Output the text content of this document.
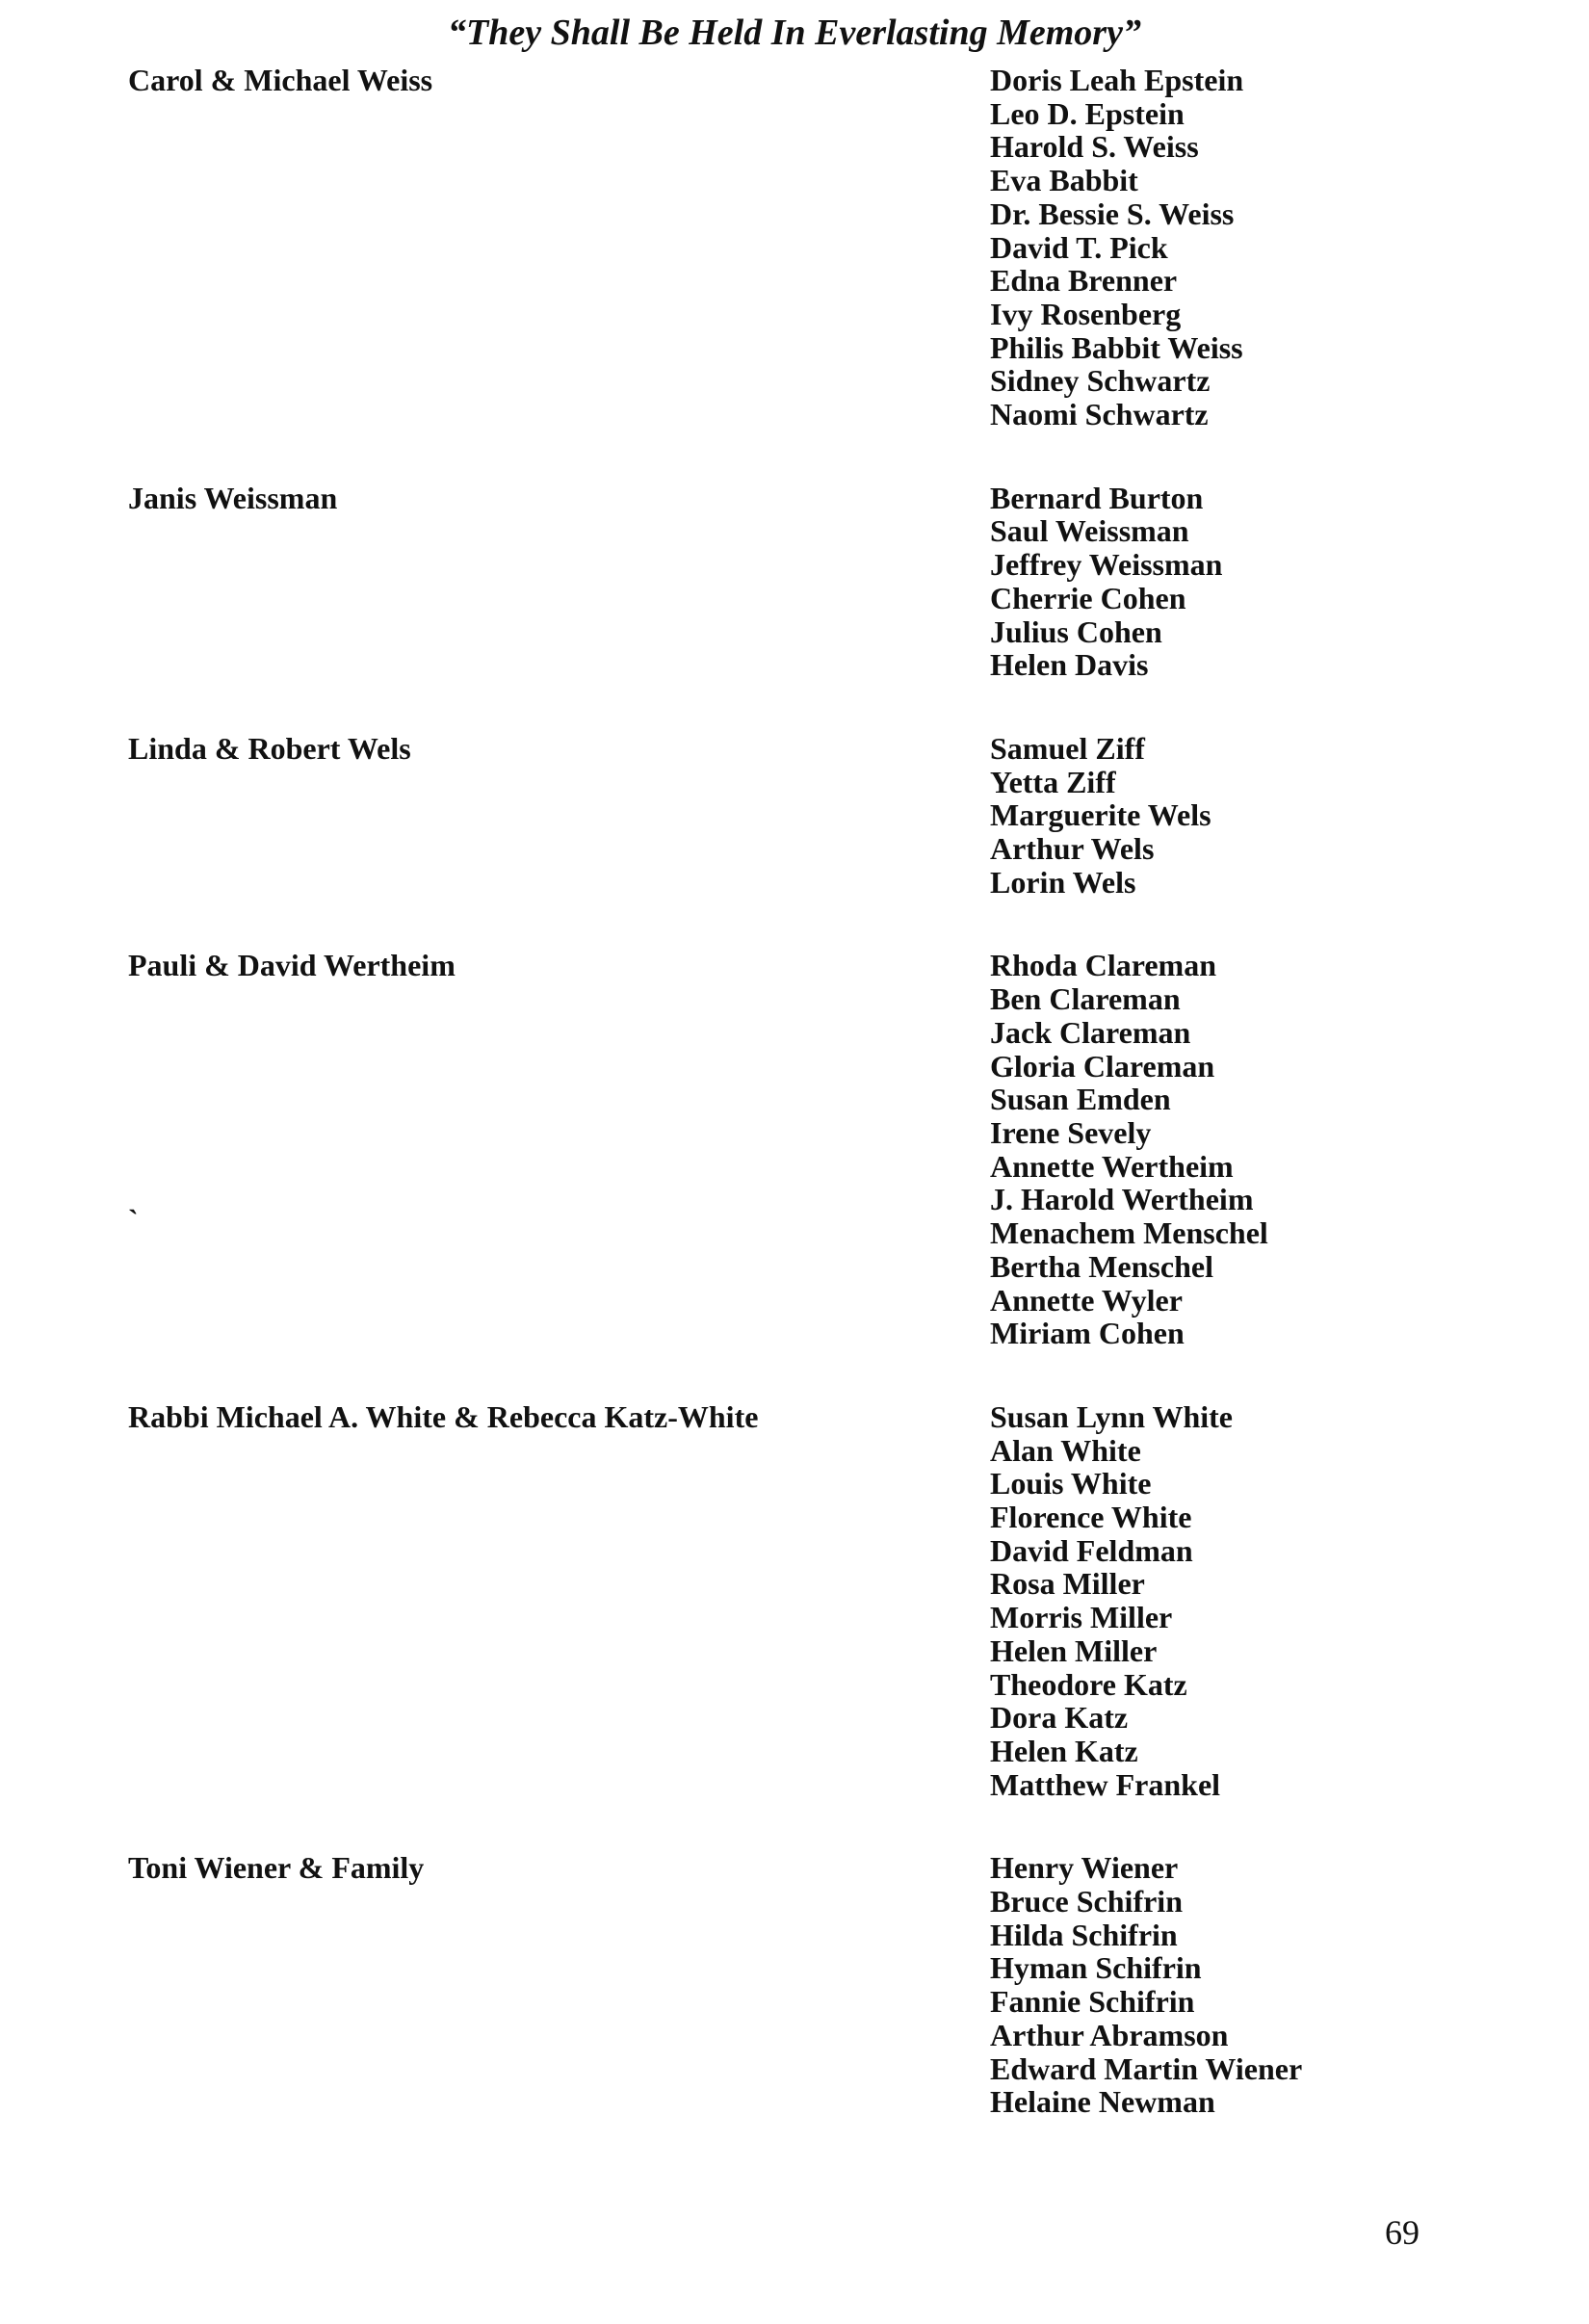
“They Shall Be Held In Everlasting Memory”
Carol & Michael Weiss	Doris Leah Epstein
Leo D. Epstein
Harold S. Weiss
Eva Babbit
Dr. Bessie S. Weiss
David T. Pick
Edna Brenner
Ivy Rosenberg
Philis Babbit Weiss
Sidney Schwartz
Naomi Schwartz
Janis Weissman	Bernard Burton
Saul Weissman
Jeffrey Weissman
Cherrie Cohen
Julius Cohen
Helen Davis
Linda & Robert Wels	Samuel Ziff
Yetta Ziff
Marguerite Wels
Arthur Wels
Lorin Wels
Pauli & David Wertheim	Rhoda Clareman
Ben Clareman
Jack Clareman
Gloria Clareman
Susan Emden
Irene Sevely
Annette Wertheim
J. Harold Wertheim
Menachem Menschel
Bertha Menschel
Annette Wyler
Miriam Cohen
Rabbi Michael A. White & Rebecca Katz-White	Susan Lynn White
Alan White
Louis White
Florence White
David Feldman
Rosa Miller
Morris Miller
Helen Miller
Theodore Katz
Dora Katz
Helen Katz
Matthew Frankel
Toni Wiener & Family	Henry Wiener
Bruce Schifrin
Hilda Schifrin
Hyman Schifrin
Fannie Schifrin
Arthur Abramson
Edward Martin Wiener
Helaine Newman
`
69
